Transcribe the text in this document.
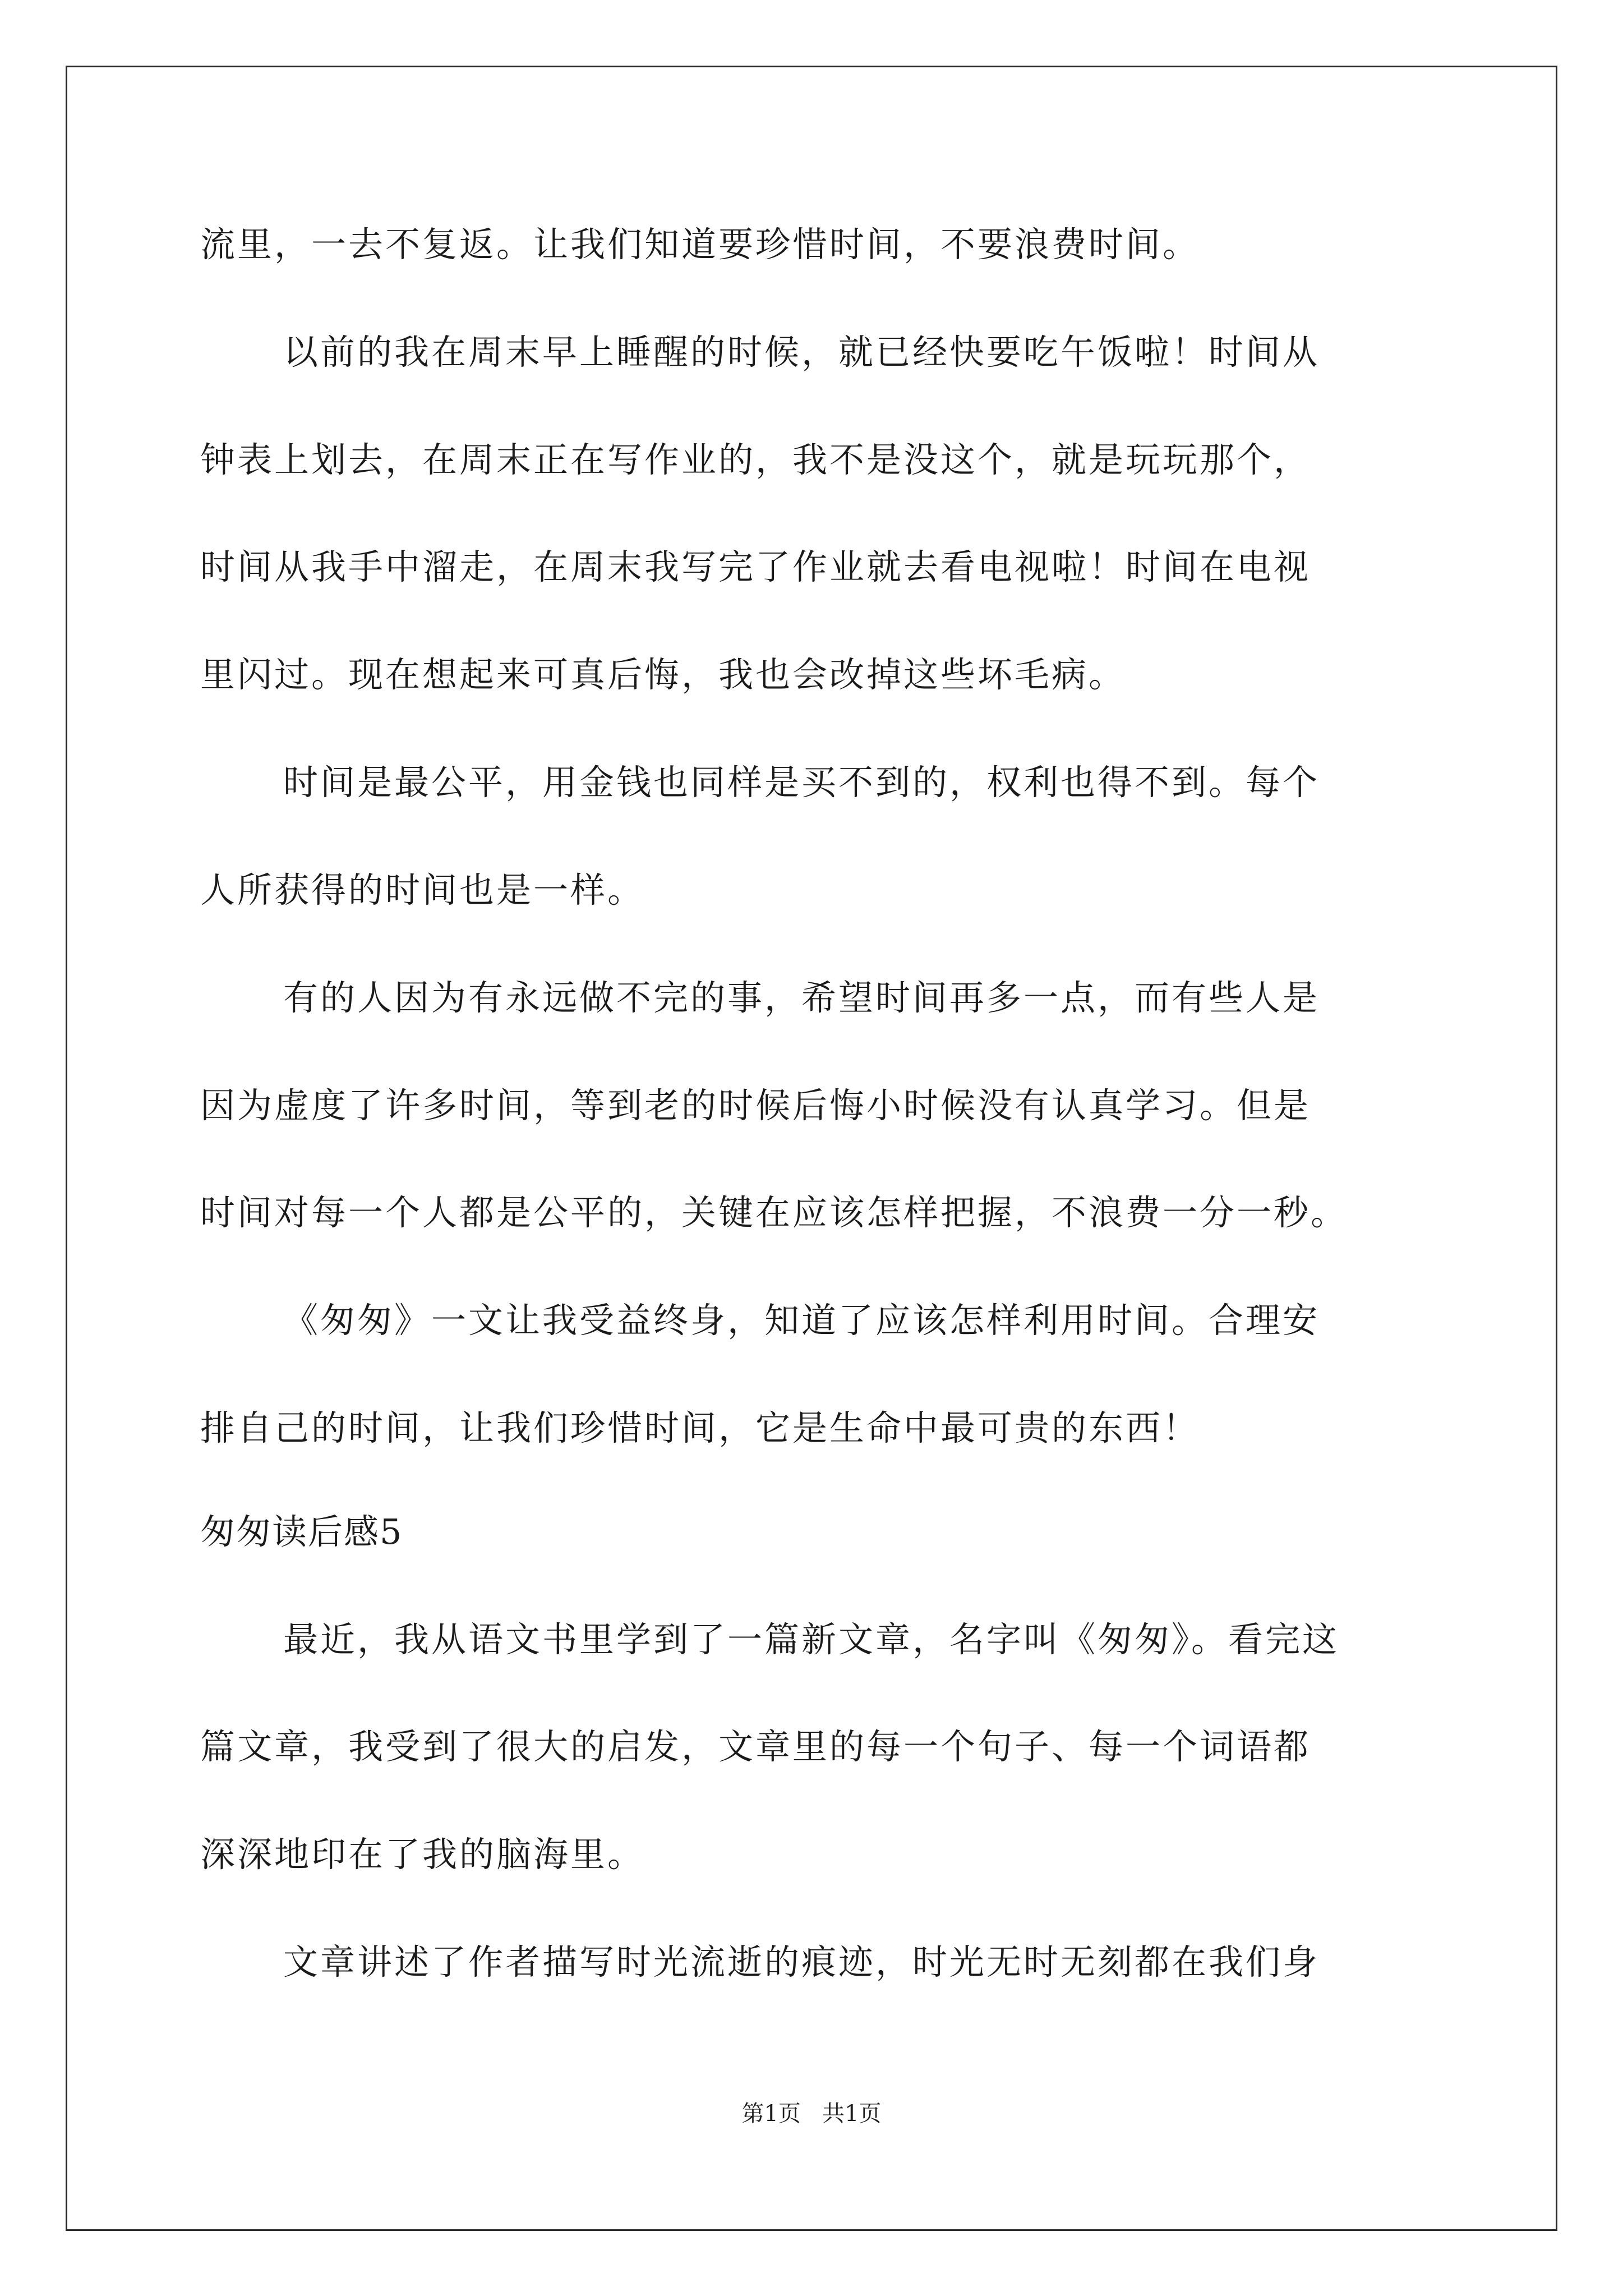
流里，一去不复返。让我们知道要珍惜时间，不要浪费时间。
以前的我在周末早上睡醒的时候，就已经快要吃午饭啦！时间从
钟表上划去，在周末正在写作业的，我不是没这个，就是玩玩那个，
时间从我手中溜走，在周末我写完了作业就去看电视啦！时间在电视
里闪过。现在想起来可真后悔，我也会改掉这些坏毛病。
时间是最公平，用金钱也同样是买不到的，权利也得不到。每个
人所获得的时间也是一样。
有的人因为有永远做不完的事，希望时间再多一点，而有些人是
因为虚度了许多时间，等到老的时候后悔小时候没有认真学习。但是
时间对每一个人都是公平的，关键在应该怎样把握，不浪费一分一秒。
《匆匆》一文让我受益终身，知道了应该怎样利用时间。合理安
排自己的时间，让我们珍惜时间，它是生命中最可贵的东西！
匆匆读后感5
最近，我从语文书里学到了一篇新文章，名字叫《匆匆》。看完这
篇文章，我受到了很大的启发，文章里的每一个句子、每一个词语都
深深地印在了我的脑海里。
文章讲述了作者描写时光流逝的痕迹，时光无时无刻都在我们身
第1页   共1页
